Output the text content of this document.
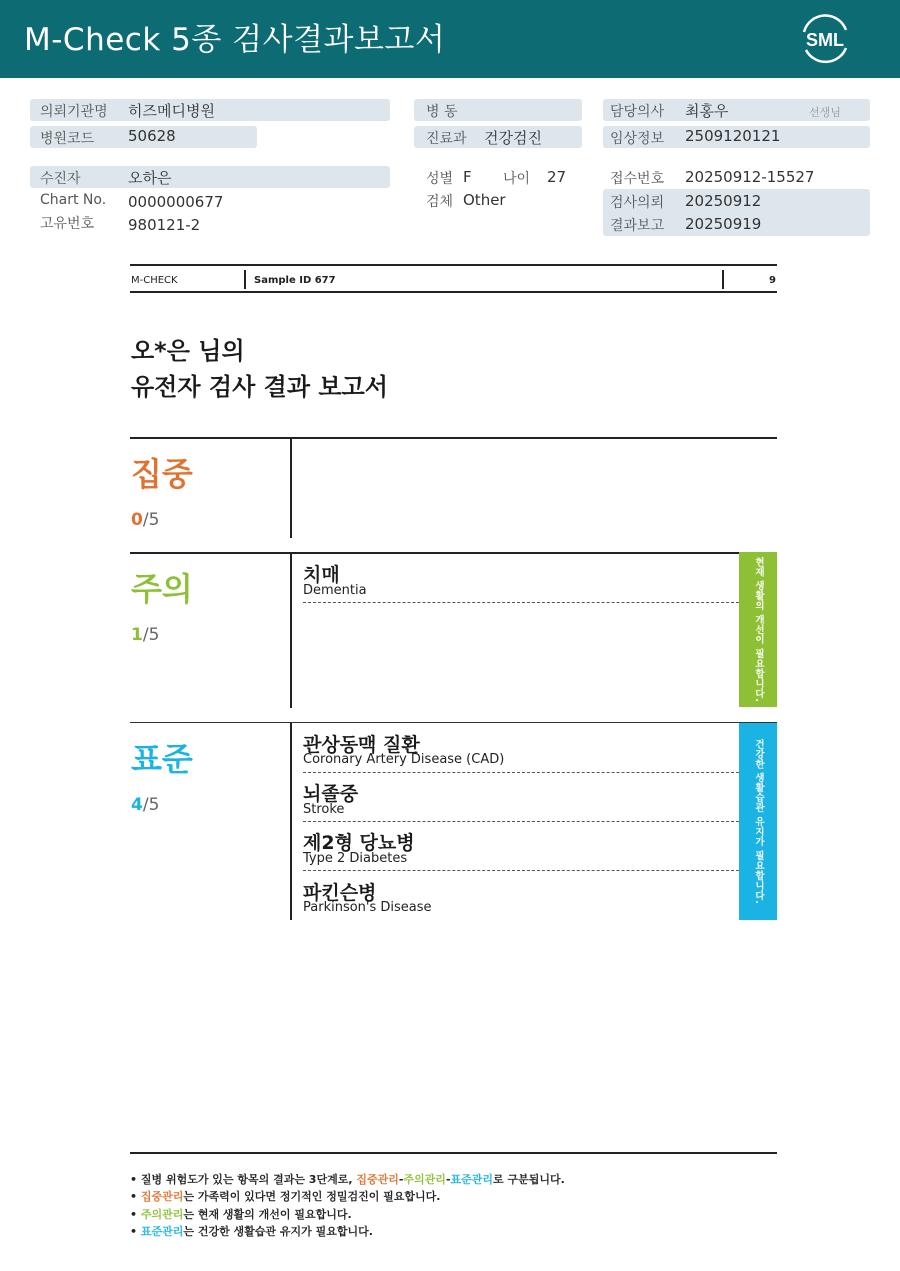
M-Check 5종 검사결과보고서	SML
의뢰기관명 히즈메디병원
병원코드 50628
수진자	오하은
Chart No. 0000000677
고유번호 980121-2
병 동
진료과 건강검진
성별 F 나이 27
검체 Other
담당의사 최홍우	선생님
임상정보 2509120121
접수번호 20250912-15527
검사의뢰 20250912
결과보고 20250919
M-CHECK	Sample ID 677	9
오*은 님의
유전자 검사 결과 보고서
집중
0/5
주의
1/5
치매
Dementia	현재 생활의 개선이 필요합니다.
표준
4/5
관상동맥 질환
Coronary Artery Disease (CAD)
뇌졸중
Stroke
제2형 당뇨병
Type 2 Diabetes
파킨슨병
Parkinson's Disease
건강한 생활습관 유지가 필요합니다.
• 질병 위험도가 있는 항목의 결과는 3단계로, 집중관리-주의관리-표준관리로 구분됩니다.
• 집중관리는 가족력이 있다면 정기적인 정밀검진이 필요합니다.
• 주의관리는 현재 생활의 개선이 필요합니다.
• 표준관리는 건강한 생활습관 유지가 필요합니다.
